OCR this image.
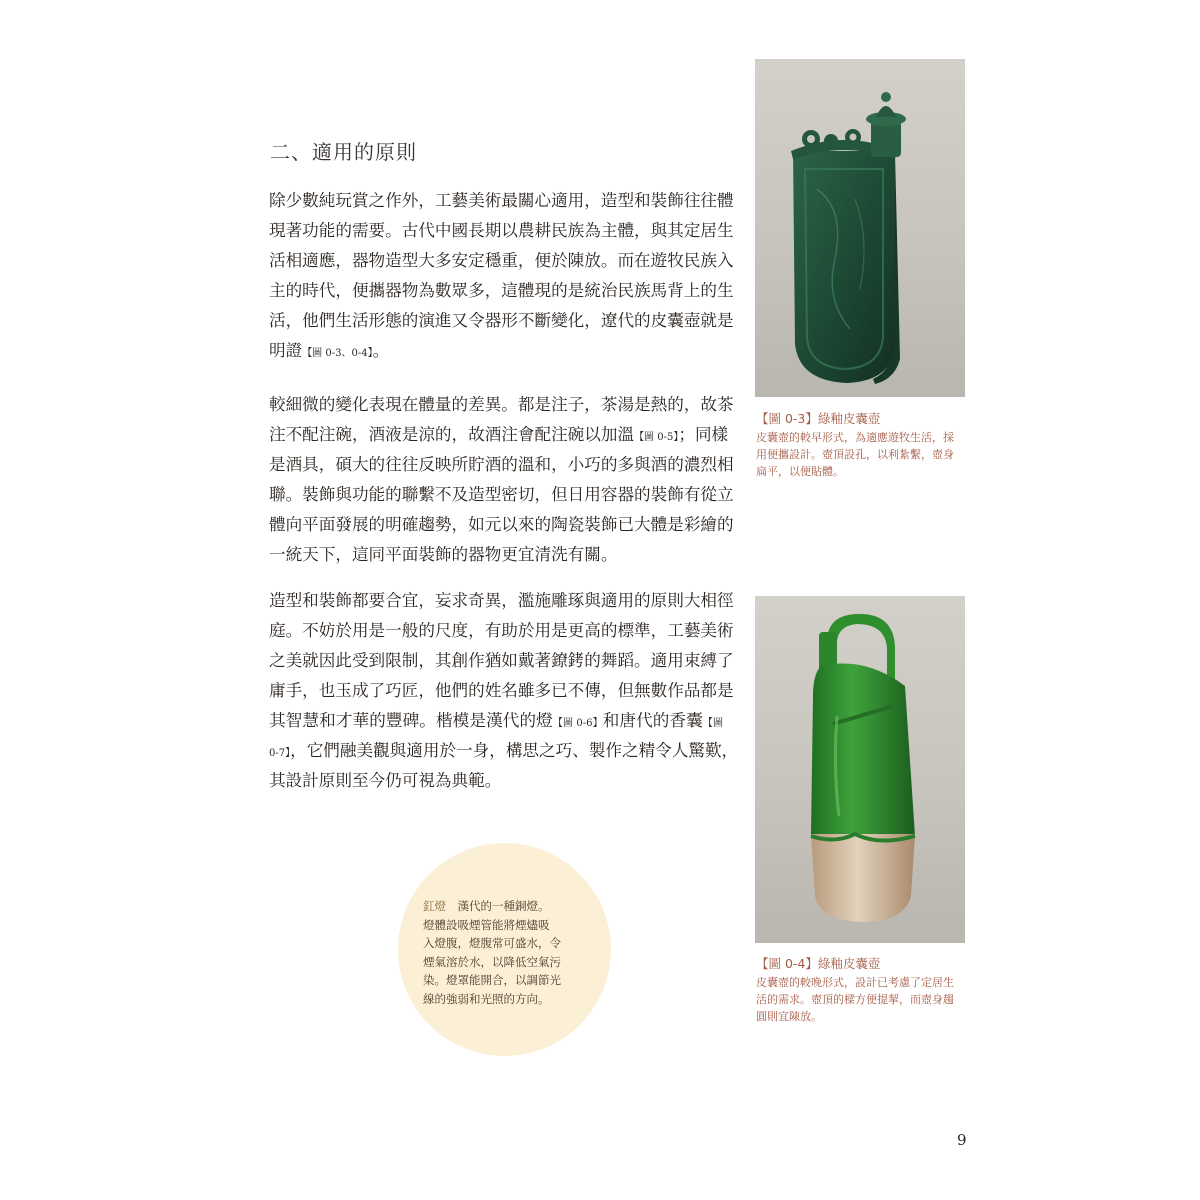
二、適用的原則
除少數純玩賞之作外，工藝美術最關心適用，造型和裝飾往往體
現著功能的需要。古代中國長期以農耕民族為主體，與其定居生
活相適應，器物造型大多安定穩重，便於陳放。而在遊牧民族入
主的時代，便攜器物為數眾多，這體現的是統治民族馬背上的生
活，他們生活形態的演進又令器形不斷變化，遼代的皮囊壺就是
明證【圖 0-3、0-4】。
較細微的變化表現在體量的差異。都是注子，茶湯是熱的，故茶
注不配注碗，酒液是涼的，故酒注會配注碗以加溫【圖 0-5】；同樣
是酒具，碩大的往往反映所貯酒的溫和，小巧的多與酒的濃烈相
聯。裝飾與功能的聯繫不及造型密切，但日用容器的裝飾有從立
體向平面發展的明確趨勢，如元以來的陶瓷裝飾已大體是彩繪的
一統天下，這同平面裝飾的器物更宜清洗有關。
造型和裝飾都要合宜，妄求奇異，濫施雕琢與適用的原則大相徑
庭。不妨於用是一般的尺度，有助於用是更高的標準，工藝美術
之美就因此受到限制，其創作猶如戴著鐐銬的舞蹈。適用束縛了
庸手，也玉成了巧匠，他們的姓名雖多已不傳，但無數作品都是
其智慧和才華的豐碑。楷模是漢代的燈【圖 0-6】和唐代的香囊【圖
0-7】，它們融美觀與適用於一身，構思之巧、製作之精令人驚歎，
其設計原則至今仍可視為典範。
【圖 0-3】綠釉皮囊壺
皮囊壺的較早形式，為適應遊牧生活，採
用便攜設計。壺頂設孔，以利紮繫，壺身
扁平，以便貼體。
【圖 0-4】綠釉皮囊壺
皮囊壺的較晚形式，設計已考慮了定居生
活的需求。壺頂的樑方便提挈，而壺身趨
圓則宜陳放。
釭燈　漢代的一種銅燈。
燈體設吸煙管能將煙燼吸
入燈腹，燈腹常可盛水，令
煙氣溶於水，以降低空氣污
染。燈罩能開合，以調節光
線的強弱和光照的方向。
9
